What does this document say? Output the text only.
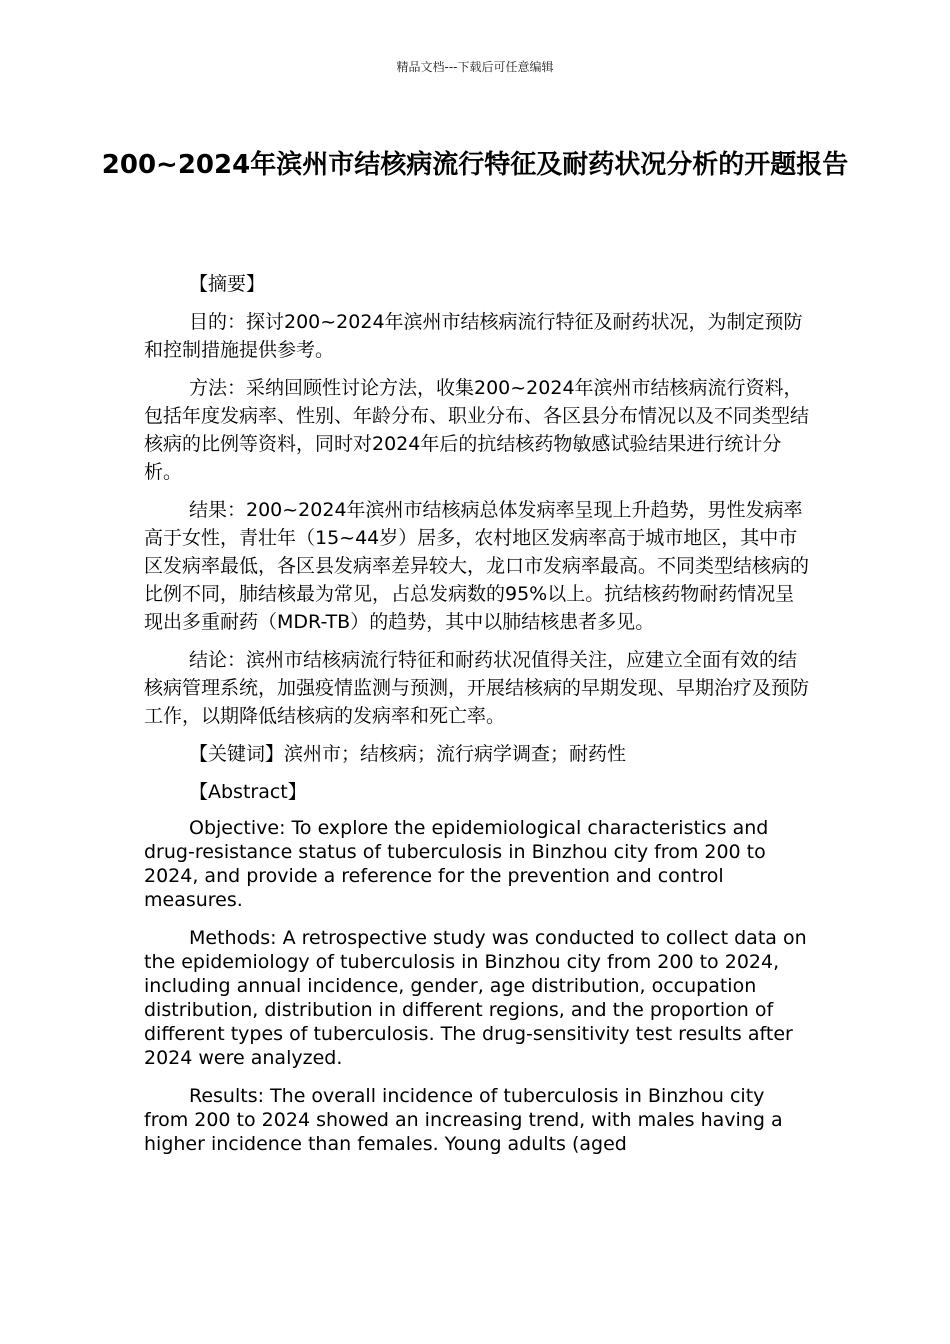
精品文档---下载后可任意编辑
200~2024年滨州市结核病流行特征及耐药状况分析的开题报告

【摘要】

目的：探讨200~2024年滨州市结核病流行特征及耐药状况，为制定预防和控制措施提供参考。

方法：采纳回顾性讨论方法，收集200~2024年滨州市结核病流行资料，包括年度发病率、性别、年龄分布、职业分布、各区县分布情况以及不同类型结核病的比例等资料，同时对2024年后的抗结核药物敏感试验结果进行统计分析。

结果：200~2024年滨州市结核病总体发病率呈现上升趋势，男性发病率高于女性，青壮年（15~44岁）居多，农村地区发病率高于城市地区，其中市区发病率最低，各区县发病率差异较大，龙口市发病率最高。不同类型结核病的比例不同，肺结核最为常见，占总发病数的95%以上。抗结核药物耐药情况呈现出多重耐药（MDR-TB）的趋势，其中以肺结核患者多见。

结论：滨州市结核病流行特征和耐药状况值得关注，应建立全面有效的结核病管理系统，加强疫情监测与预测，开展结核病的早期发现、早期治疗及预防工作，以期降低结核病的发病率和死亡率。

【关键词】滨州市；结核病；流行病学调查；耐药性

【Abstract】

Objective: To explore the epidemiological characteristics and drug-resistance status of tuberculosis in Binzhou city from 200 to 2024, and provide a reference for the prevention and control measures.

Methods: A retrospective study was conducted to collect data on the epidemiology of tuberculosis in Binzhou city from 200 to 2024, including annual incidence, gender, age distribution, occupation distribution, distribution in different regions, and the proportion of different types of tuberculosis. The drug-sensitivity test results after 2024 were analyzed.

Results: The overall incidence of tuberculosis in Binzhou city from 200 to 2024 showed an increasing trend, with males having a higher incidence than females. Young adults (aged
